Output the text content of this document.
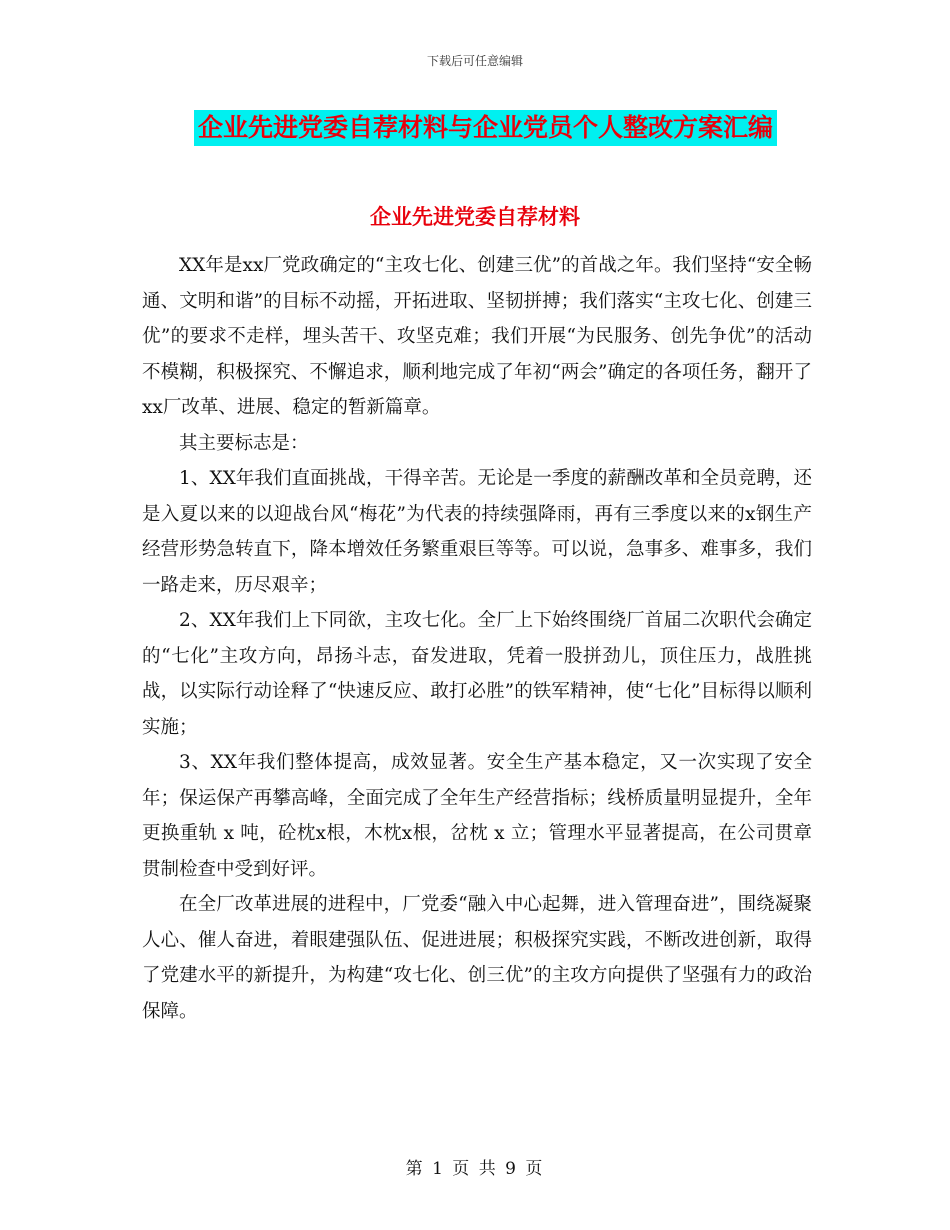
下载后可任意编辑
企业先进党委自荐材料与企业党员个人整改方案汇编
企业先进党委自荐材料

XX年是xx厂党政确定的“主攻七化、创建三优”的首战之年。我们坚持“安全畅通、文明和谐”的目标不动摇，开拓进取、坚韧拼搏；我们落实“主攻七化、创建三优”的要求不走样，埋头苦干、攻坚克难；我们开展“为民服务、创先争优”的活动不模糊，积极探究、不懈追求，顺利地完成了年初“两会”确定的各项任务，翻开了xx厂改革、进展、稳定的暂新篇章。

其主要标志是：

1、XX年我们直面挑战，干得辛苦。无论是一季度的薪酬改革和全员竞聘，还是入夏以来的以迎战台风“梅花”为代表的持续强降雨，再有三季度以来的x钢生产经营形势急转直下，降本增效任务繁重艰巨等等。可以说，急事多、难事多，我们一路走来，历尽艰辛；

2、XX年我们上下同欲，主攻七化。全厂上下始终围绕厂首届二次职代会确定的“七化”主攻方向，昂扬斗志，奋发进取，凭着一股拼劲儿，顶住压力，战胜挑战，以实际行动诠释了“快速反应、敢打必胜”的铁军精神，使“七化”目标得以顺利实施；

3、XX年我们整体提高，成效显著。安全生产基本稳定，又一次实现了安全年；保运保产再攀高峰，全面完成了全年生产经营指标；线桥质量明显提升，全年更换重轨 x 吨，砼枕x根，木枕x根，岔枕 x 立；管理水平显著提高，在公司贯章贯制检查中受到好评。

在全厂改革进展的进程中，厂党委“融入中心起舞，进入管理奋进”，围绕凝聚人心、催人奋进，着眼建强队伍、促进进展；积极探究实践，不断改进创新，取得了党建水平的新提升，为构建“攻七化、创三优”的主攻方向提供了坚强有力的政治保障。

第 1 页 共 9 页
